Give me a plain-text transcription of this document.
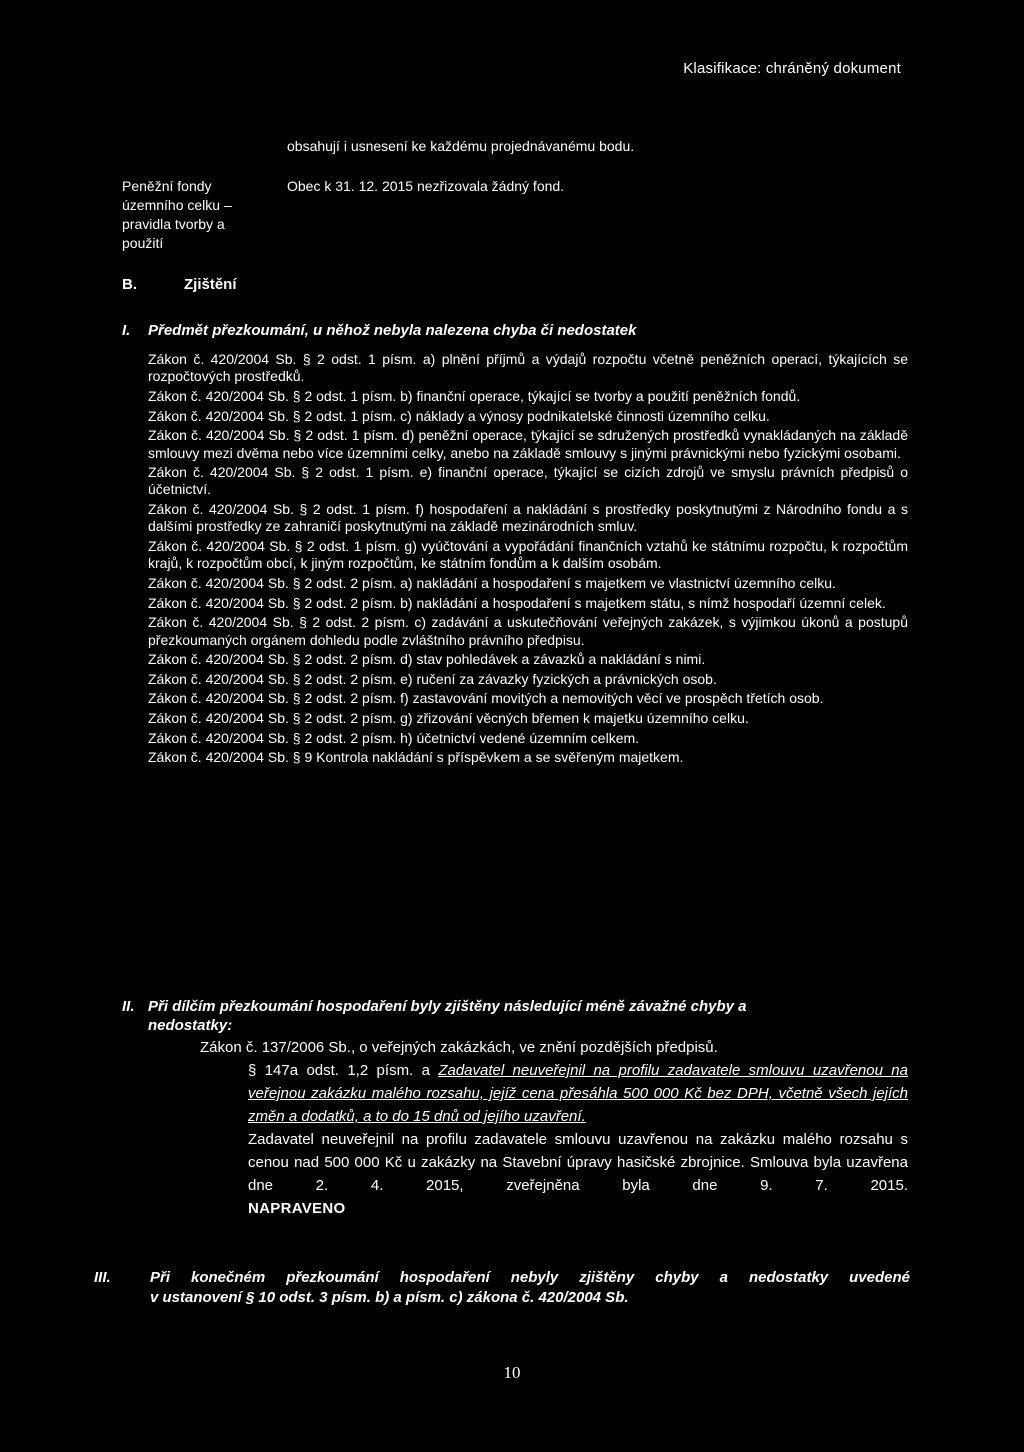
Klasifikace: chráněný dokument
obsahují i usnesení ke každému projednávanému bodu.
Peněžní fondy územního celku – pravidla tvorby a použití
Obec k 31. 12. 2015 nezřizovala žádný fond.
B.	Zjištění
I. Předmět přezkoumání, u něhož nebyla nalezena chyba či nedostatek

Zákon č. 420/2004 Sb. § 2 odst. 1 písm. a) plnění příjmů a výdajů rozpočtu včetně peněžních operací, týkajících se rozpočtových prostředků.

Zákon č. 420/2004 Sb. § 2 odst. 1 písm. b) finanční operace, týkající se tvorby a použití peněžních fondů.

Zákon č. 420/2004 Sb. § 2 odst. 1 písm. c) náklady a výnosy podnikatelské činnosti územního celku.

Zákon č. 420/2004 Sb. § 2 odst. 1 písm. d) peněžní operace, týkající se sdružených prostředků vynakládaných na základě smlouvy mezi dvěma nebo více územními celky, anebo na základě smlouvy s jinými právnickými nebo fyzickými osobami.

Zákon č. 420/2004 Sb. § 2 odst. 1 písm. e) finanční operace, týkající se cizích zdrojů ve smyslu právních předpisů o účetnictví.

Zákon č. 420/2004 Sb. § 2 odst. 1 písm. f) hospodaření a nakládání s prostředky poskytnutými z Národního fondu a s dalšími prostředky ze zahraničí poskytnutými na základě mezinárodních smluv.

Zákon č. 420/2004 Sb. § 2 odst. 1 písm. g) vyúčtování a vypořádání finančních vztahů ke státnímu rozpočtu, k rozpočtům krajů, k rozpočtům obcí, k jiným rozpočtům, ke státním fondům a k dalším osobám.

Zákon č. 420/2004 Sb. § 2 odst. 2 písm. a) nakládání a hospodaření s majetkem ve vlastnictví územního celku.

Zákon č. 420/2004 Sb. § 2 odst. 2 písm. b) nakládání a hospodaření s majetkem státu, s nímž hospodaří územní celek.

Zákon č. 420/2004 Sb. § 2 odst. 2 písm. c) zadávání a uskutečňování veřejných zakázek, s výjimkou úkonů a postupů přezkoumaných orgánem dohledu podle zvláštního právního předpisu.

Zákon č. 420/2004 Sb. § 2 odst. 2 písm. d) stav pohledávek a závazků a nakládání s nimi.

Zákon č. 420/2004 Sb. § 2 odst. 2 písm. e) ručení za závazky fyzických a právnických osob.

Zákon č. 420/2004 Sb. § 2 odst. 2 písm. f) zastavování movitých a nemovitých věcí ve prospěch třetích osob.

Zákon č. 420/2004 Sb. § 2 odst. 2 písm. g) zřizování věcných břemen k majetku územního celku.

Zákon č. 420/2004 Sb. § 2 odst. 2 písm. h) účetnictví vedené územním celkem.

Zákon č. 420/2004 Sb. § 9 Kontrola nakládání s příspěvkem a se svěřeným majetkem.

II. Při dílčím přezkoumání hospodaření byly zjištěny následující méně závažné chyby a
nedostatky:
Zákon č. 137/2006 Sb., o veřejných zakázkách, ve znění pozdějších předpisů.
§ 147a odst. 1,2 písm. a Zadavatel neuveřejnil na profilu zadavatele smlouvu uzavřenou na veřejnou zakázku malého rozsahu, jejíž cena přesáhla 500 000 Kč bez DPH, včetně všech jejích změn a dodatků, a to do 15 dnů od jejího uzavření.
Zadavatel neuveřejnil na profilu zadavatele smlouvu uzavřenou na zakázku malého rozsahu s cenou nad 500 000 Kč u zakázky na Stavební úpravy hasičské zbrojnice. Smlouva byla uzavřena dne 2. 4. 2015, zveřejněna byla dne 9. 7. 2015.
NAPRAVENO
III.	Při konečném přezkoumání hospodaření nebyly zjištěny chyby a nedostatky uvedené
v ustanovení § 10 odst. 3 písm. b) a písm. c) zákona č. 420/2004 Sb.
10
